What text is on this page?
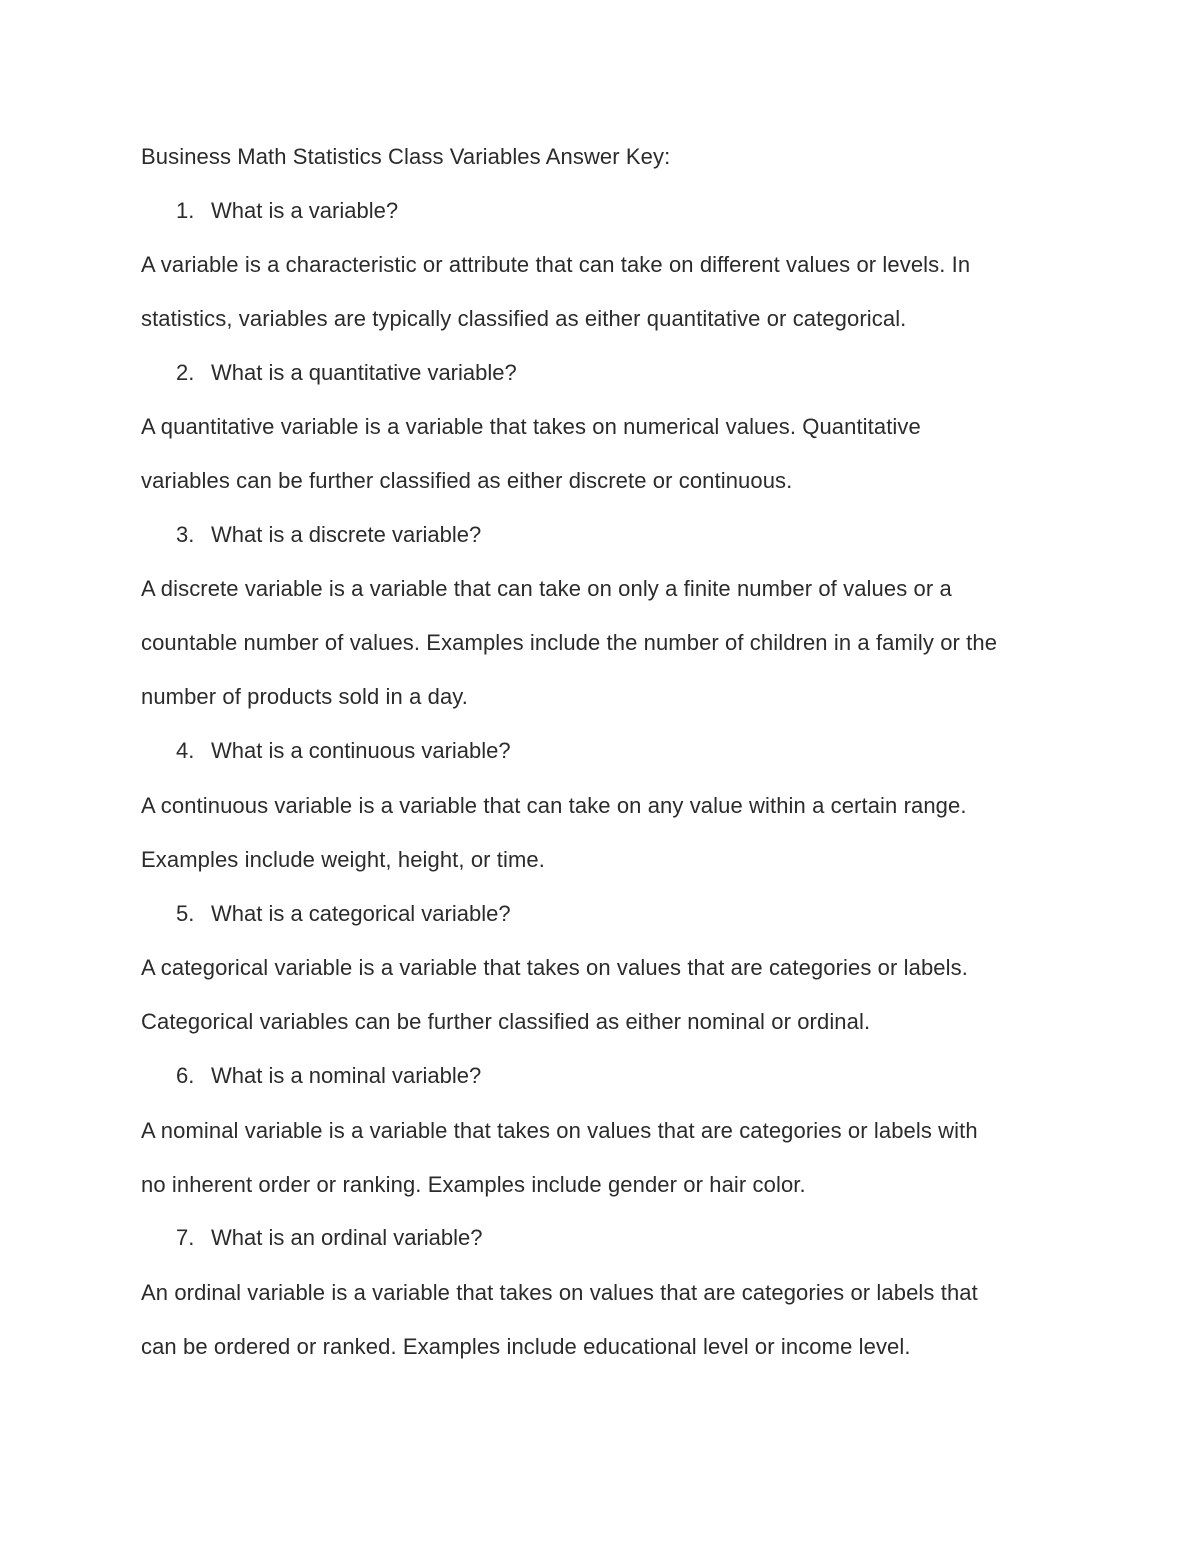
Business Math Statistics Class Variables Answer Key:
1. What is a variable?
A variable is a characteristic or attribute that can take on different values or levels. In
statistics, variables are typically classified as either quantitative or categorical.
2. What is a quantitative variable?
A quantitative variable is a variable that takes on numerical values. Quantitative
variables can be further classified as either discrete or continuous.
3. What is a discrete variable?
A discrete variable is a variable that can take on only a finite number of values or a
countable number of values. Examples include the number of children in a family or the
number of products sold in a day.
4. What is a continuous variable?
A continuous variable is a variable that can take on any value within a certain range.
Examples include weight, height, or time.
5. What is a categorical variable?
A categorical variable is a variable that takes on values that are categories or labels.
Categorical variables can be further classified as either nominal or ordinal.
6. What is a nominal variable?
A nominal variable is a variable that takes on values that are categories or labels with
no inherent order or ranking. Examples include gender or hair color.
7. What is an ordinal variable?
An ordinal variable is a variable that takes on values that are categories or labels that
can be ordered or ranked. Examples include educational level or income level.
